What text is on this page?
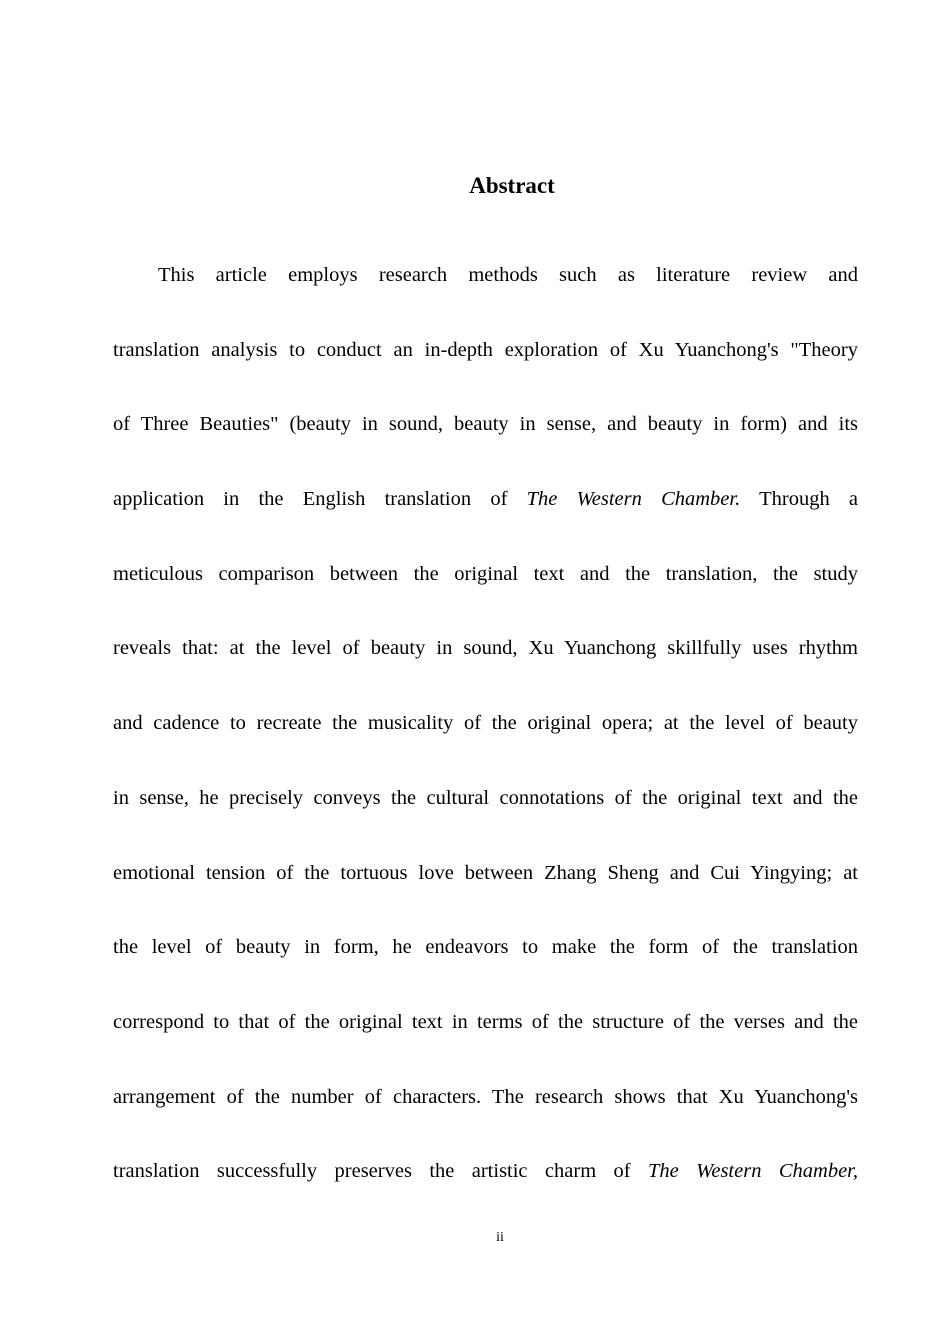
Abstract
This article employs research methods such as literature review and
translation analysis to conduct an in-depth exploration of Xu Yuanchong's "Theory
of Three Beauties" (beauty in sound, beauty in sense, and beauty in form) and its
application in the English translation of The Western Chamber. Through a
meticulous comparison between the original text and the translation, the study
reveals that: at the level of beauty in sound, Xu Yuanchong skillfully uses rhythm
and cadence to recreate the musicality of the original opera; at the level of beauty
in sense, he precisely conveys the cultural connotations of the original text and the
emotional tension of the tortuous love between Zhang Sheng and Cui Yingying; at
the level of beauty in form, he endeavors to make the form of the translation
correspond to that of the original text in terms of the structure of the verses and the
arrangement of the number of characters. The research shows that Xu Yuanchong's
translation successfully preserves the artistic charm of The Western Chamber,
ii
